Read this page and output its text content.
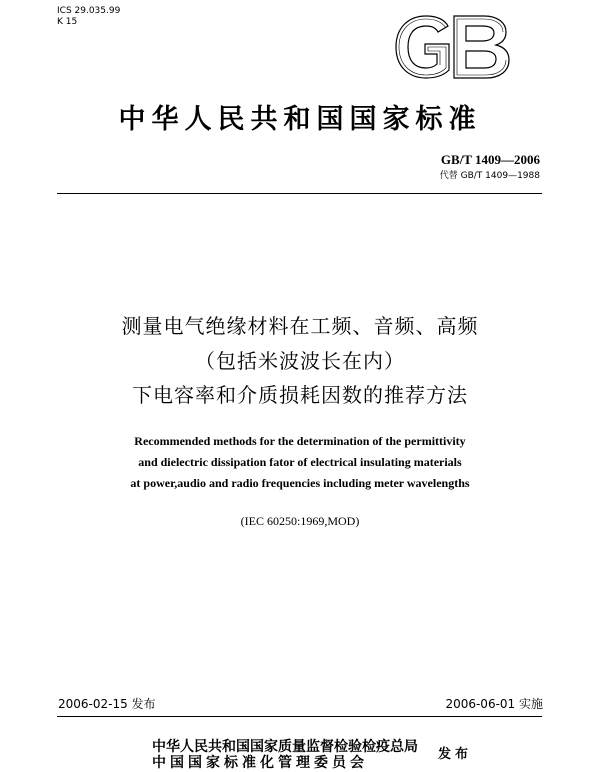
ICS 29.035.99
K 15
中华人民共和国国家标准
GB/T 1409—2006
代替 GB/T 1409—1988
测量电气绝缘材料在工频、音频、高频
（包括米波波长在内）
下电容率和介质损耗因数的推荐方法
Recommended methods for the determination of the permittivity
and dielectric dissipation fator of electrical insulating materials
at power,audio and radio frequencies including meter wavelengths
(IEC 60250:1969,MOD)
2006-02-15 发布	2006-06-01 实施
中华人民共和国国家质量监督检验检疫总局
中国国家标准化管理委员会
发布
